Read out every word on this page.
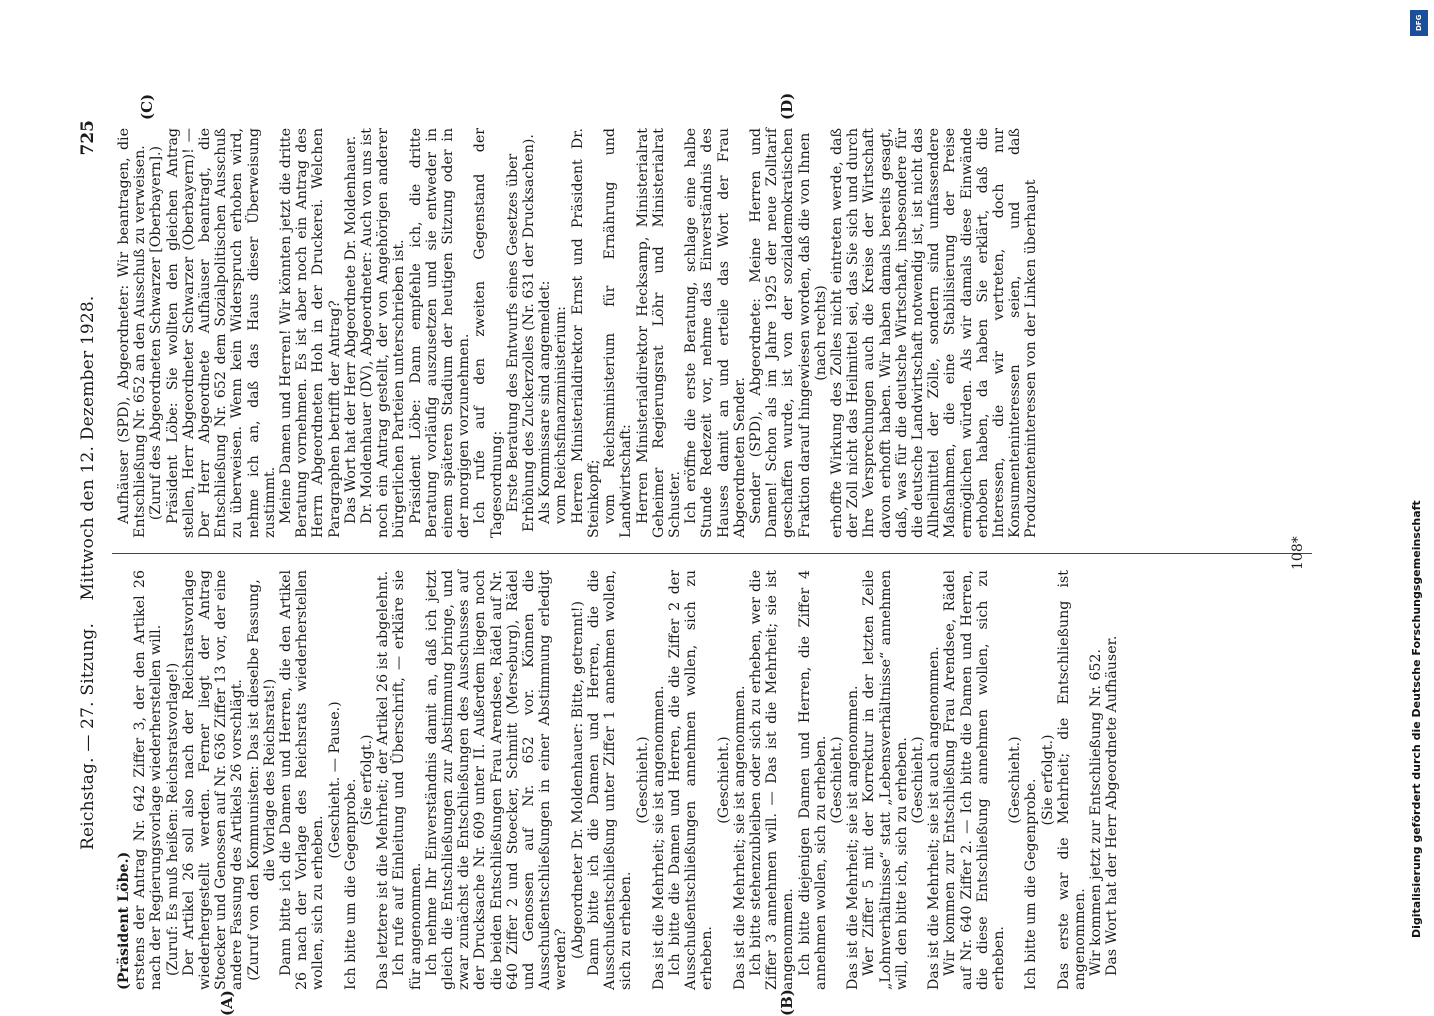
Reichstag. — 27. Sitzung.    Mittwoch den 12. Dezember 1928.
725
(A)	(B)
(C)	(D)

(Präsident Löbe.) erstens der Antrag Nr. 642 Ziffer 3, der den Artikel 26 nach der Regierungsvorlage wiederherstellen will. (Zuruf: Es muß heißen: Reichsratsvorlage!) Der Artikel 26 soll also nach der Reichsratsvorlage wiederhergestellt werden. Ferner liegt der Antrag Stoecker und Genossen auf Nr. 636 Ziffer 13 vor, der eine andere Fassung des Artikels 26 vorschlägt. (Zuruf von den Kommunisten: Das ist dieselbe Fassung, die Vorlage des Reichsrats!) Dann bitte ich die Damen und Herren, die den Artikel 26 nach der Vorlage des Reichsrats wiederherstellen wollen, sich zu erheben.

(Geschieht. — Pause.) Ich bitte um die Gegenprobe. (Sie erfolgt.) Das letztere ist die Mehrheit; der Artikel 26 ist abgelehnt. Ich rufe auf Einleitung und Überschrift, — erkläre sie für angenommen. Ich nehme Ihr Einverständnis damit an, daß ich jetzt gleich die Entschließungen zur Abstimmung bringe, und zwar zunächst die Entschließungen des Ausschusses auf der Drucksache Nr. 609 unter II. Außerdem liegen noch die beiden Entschließungen Frau Arendsee, Rädel auf Nr. 640 Ziffer 2 und Stoecker, Schmitt (Merseburg), Rädel und Genossen auf Nr. 652 vor. Können die Ausschußentschließungen in einer Abstimmung erledigt werden?

(Abgeordneter Dr. Moldenhauer: Bitte, getrennt!) Dann bitte ich die Damen und Herren, die die Ausschußentschließung unter Ziffer 1 annehmen wollen, sich zu erheben.

(Geschieht.) Das ist die Mehrheit; sie ist angenommen. Ich bitte die Damen und Herren, die die Ziffer 2 der Ausschußentschließungen annehmen wollen, sich zu erheben.

(Geschieht.) Das ist die Mehrheit; sie ist angenommen. Ich bitte stehenzubleiben oder sich zu erheben, wer die Ziffer 3 annehmen will. — Das ist die Mehrheit; sie ist angenommen. Ich bitte diejenigen Damen und Herren, die Ziffer 4 annehmen wollen, sich zu erheben. (Geschieht.) Das ist die Mehrheit; sie ist angenommen. Wer Ziffer 5 mit der Korrektur in der letzten Zeile „Lohnverhältnisse“ statt „Lebensverhältnisse“ annehmen will, den bitte ich, sich zu erheben. (Geschieht.) Das ist die Mehrheit; sie ist auch angenommen. Wir kommen zur Entschließung Frau Arendsee, Rädel auf Nr. 640 Ziffer 2. — Ich bitte die Damen und Herren, die diese Entschließung annehmen wollen, sich zu erheben.

(Geschieht.) Ich bitte um die Gegenprobe. (Sie erfolgt.) Das erste war die Mehrheit; die Entschließung ist angenommen. Wir kommen jetzt zur Entschließung Nr. 652. Das Wort hat der Herr Abgeordnete Aufhäuser.

Aufhäuser (SPD), Abgeordneter: Wir beantragen, die Entschließung Nr. 652 an den Ausschuß zu verweisen. (Zuruf des Abgeordneten Schwarzer [Oberbayern].) Präsident Löbe: Sie wollten den gleichen Antrag stellen, Herr Abgeordneter Schwarzer (Oberbayern)! — Der Herr Abgeordnete Aufhäuser beantragt, die Entschließung Nr. 652 dem Sozialpolitischen Ausschuß zu überweisen. Wenn kein Widerspruch erhoben wird, nehme ich an, daß das Haus dieser Überweisung zustimmt. Meine Damen und Herren! Wir könnten jetzt die dritte Beratung vornehmen. Es ist aber noch ein Antrag des Herrn Abgeordneten Hoh in der Druckerei. Welchen Paragraphen betrifft der Antrag? Das Wort hat der Herr Abgeordnete Dr. Moldenhauer. Dr. Moldenhauer (DV), Abgeordneter: Auch von uns ist noch ein Antrag gestellt, der von Angehörigen anderer bürgerlichen Parteien unterschrieben ist. Präsident Löbe: Dann empfehle ich, die dritte Beratung vorläufig auszusetzen und sie entweder in einem späteren Stadium der heutigen Sitzung oder in der morgigen vorzunehmen. Ich rufe auf den zweiten Gegenstand der Tagesordnung: Erste Beratung des Entwurfs eines Gesetzes über Erhöhung des Zuckerzolles (Nr. 631 der Drucksachen). Als Kommissare sind angemeldet: vom Reichsfinanzministerium: Herren Ministerialdirektor Ernst und Präsident Dr. Steinkopff; vom Reichsministerium für Ernährung und Landwirtschaft: Herren Ministerialdirektor Hecksamp, Ministerialrat Geheimer Regierungsrat Löhr und Ministerialrat Schuster. Ich eröffne die erste Beratung, schlage eine halbe Stunde Redezeit vor, nehme das Einverständnis des Hauses damit an und erteile das Wort der Frau Abgeordneten Sender. Sender (SPD), Abgeordnete: Meine Herren und Damen! Schon als im Jahre 1925 der neue Zolltarif geschaffen wurde, ist von der sozialdemokratischen Fraktion darauf hingewiesen worden, daß die von Ihnen (nach rechts) erhoffte Wirkung des Zolles nicht eintreten werde, daß der Zoll nicht das Heilmittel sei, das Sie sich und durch Ihre Versprechungen auch die Kreise der Wirtschaft davon erhofft haben. Wir haben damals bereits gesagt, daß, was für die deutsche Wirtschaft, insbesondere für die deutsche Landwirtschaft notwendig ist, ist nicht das Allheilmittel der Zölle, sondern sind umfassendere Maßnahmen, die eine Stabilisierung der Preise ermöglichen würden. Als wir damals diese Einwände erhoben haben, da haben Sie erklärt, daß die Interessen, die wir vertreten, doch nur Konsumenteninteressen seien, und daß Produzenteninteressen von der Linken überhaupt

108*
DFG
Digitalisierung gefördert durch die Deutsche Forschungsgemeinschaft
